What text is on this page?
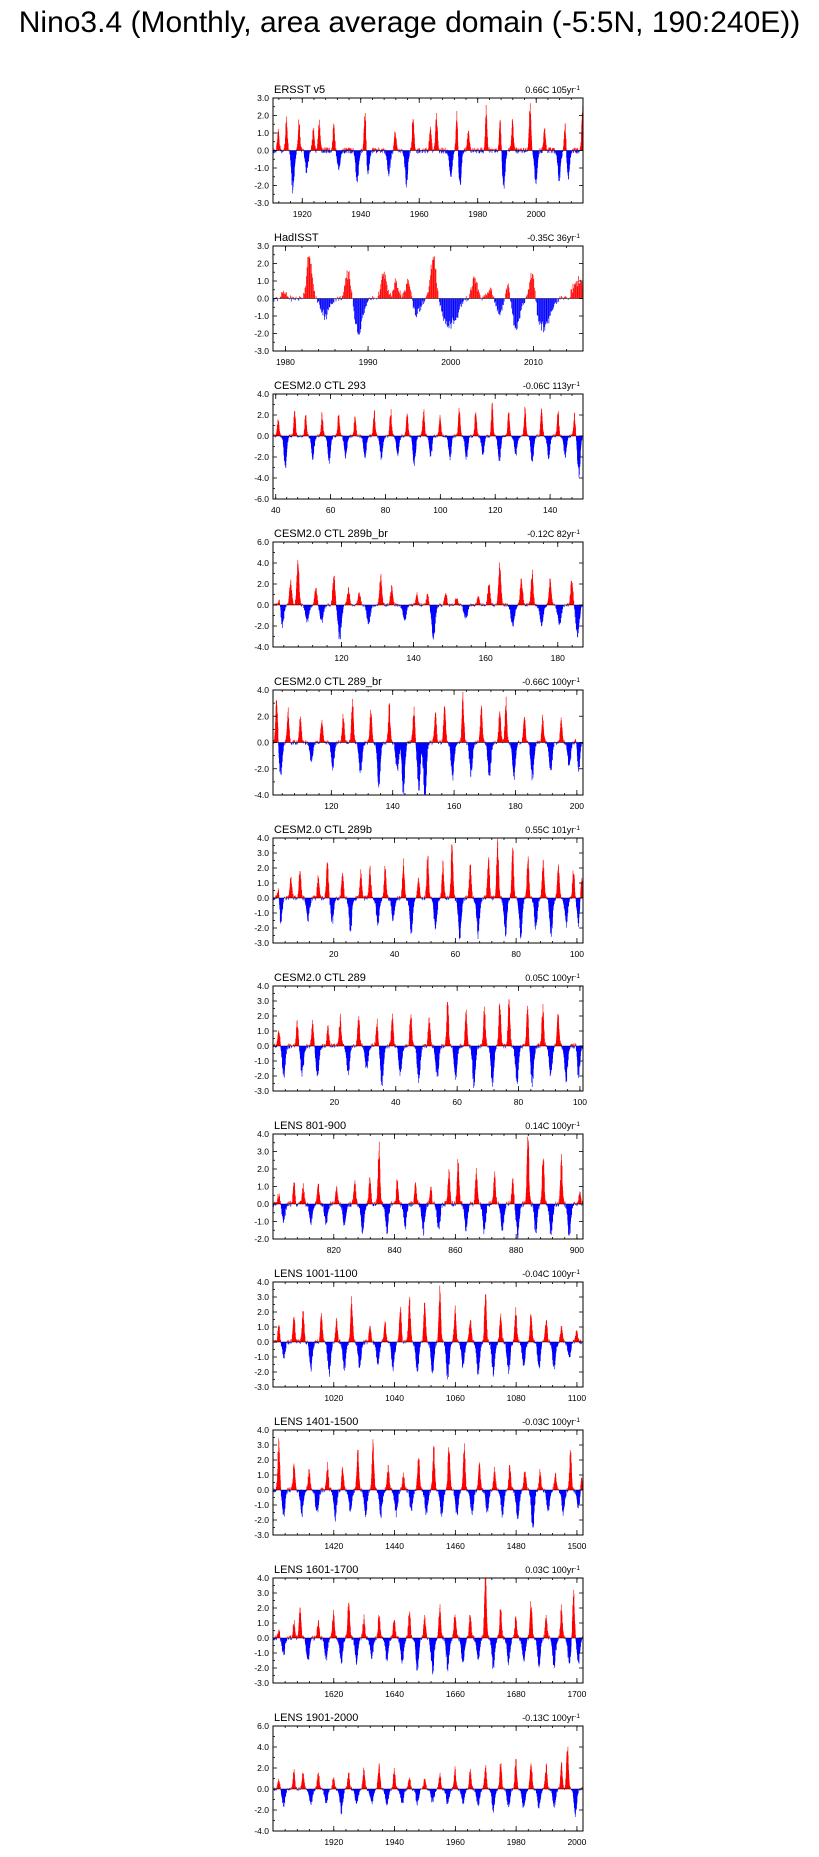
Nino3.4 (Monthly, area average domain (-5:5N, 190:240E))
ERSST v5	0.66C $105yr^{-1}$
-3.0
-2.0
-1.0
0.0
1.0
2.0
3.0
1920	1940	1960	1980	2000
HadISST	-0.35C $36yr^{-1}$
-3.0
-2.0
-1.0
0.0
1.0
2.0
3.0
1980	1990	2000	2010
CESM2.0 CTL 293	-0.06C $113yr^{-1}$
-6.0
-4.0
-2.0
0.0
2.0
4.0
40	60	80	100	120	140
CESM2.0 CTL 289b_br	-0.12C $82yr^{-1}$
-4.0
-2.0
0.0
2.0
4.0
6.0
120	140	160	180
CESM2.0 CTL 289_br	-0.66C $100yr^{-1}$
-4.0
-2.0
0.0
2.0
4.0
120	140	160	180	200
CESM2.0 CTL 289b	0.55C $101yr^{-1}$
-3.0
-2.0
-1.0
0.0
1.0
2.0
3.0
4.0
20	40	60	80	100
CESM2.0 CTL 289	0.05C $100yr^{-1}$
-3.0
-2.0
-1.0
0.0
1.0
2.0
3.0
4.0
20	40	60	80	100
LENS 801-900	0.14C $100yr^{-1}$
-2.0
-1.0
0.0
1.0
2.0
3.0
4.0
820	840	860	880	900
LENS 1001-1100	-0.04C $100yr^{-1}$
-3.0
-2.0
-1.0
0.0
1.0
2.0
3.0
4.0
1020	1040	1060	1080	1100
LENS 1401-1500	-0.03C $100yr^{-1}$
-3.0
-2.0
-1.0
0.0
1.0
2.0
3.0
4.0
1420	1440	1460	1480	1500
LENS 1601-1700	0.03C $100yr^{-1}$
-3.0
-2.0
-1.0
0.0
1.0
2.0
3.0
4.0
1620	1640	1660	1680	1700
LENS 1901-2000	-0.13C $100yr^{-1}$
-4.0
-2.0
0.0
2.0
4.0
6.0
1920	1940	1960	1980	2000
